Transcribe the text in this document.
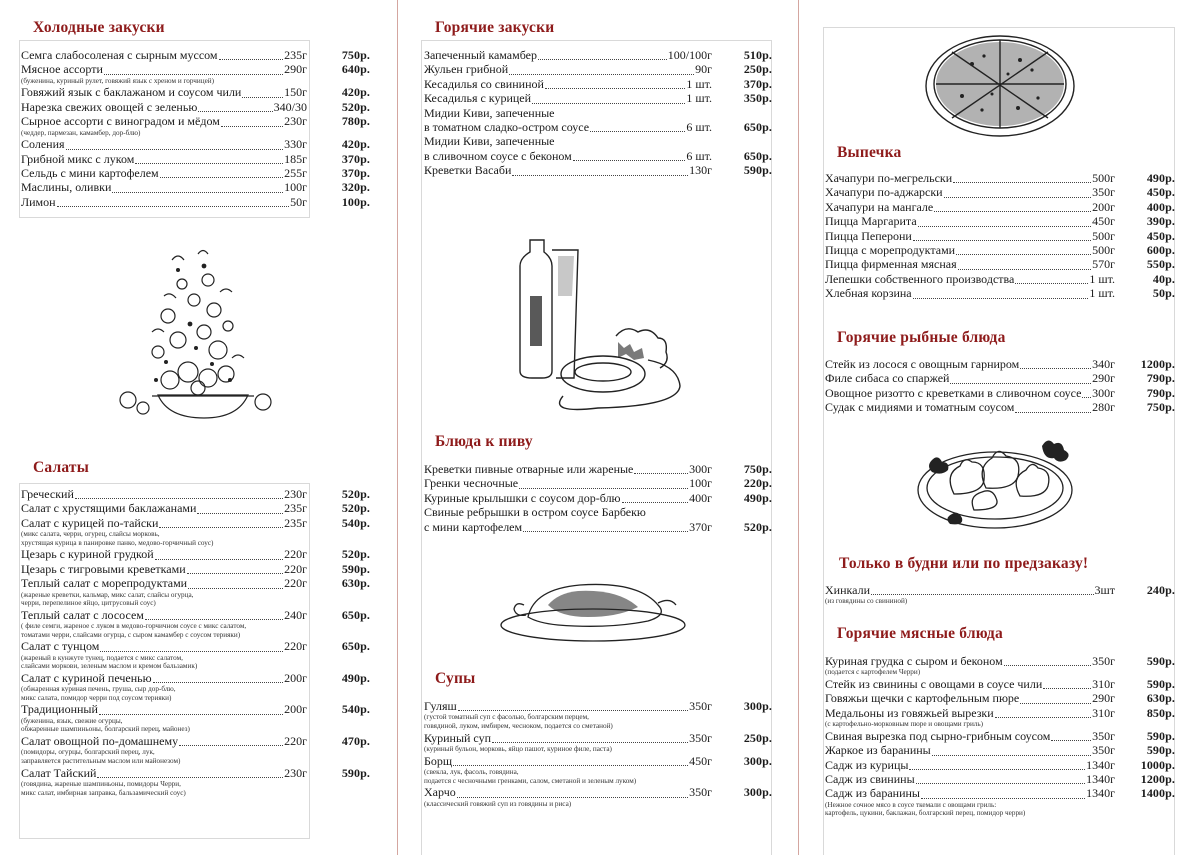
Холодные закуски
Семга слабосоленая с сырным муссом	235г	750р.
Мясное ассорти	290г	640р.
(буженина, куриный рулет, говяжий язык с хреном и горчицей)
Говяжий язык с баклажаном и соусом чили	150г	420р.
Нарезка свежих овощей с зеленью	340/30	520р.
Сырное ассорти с виноградом и мёдом	230г	780р.
(чеддер, пармезан, камамбер, дор-блю)
Соления	330г	420р.
Грибной микс с луком	185г	370р.
Сельдь с мини картофелем	255г	370р.
Маслины, оливки	100г	320р.
Лимон	50г	100р.
Салаты
Греческий	230г	520р.
Салат с хрустящими баклажанами	235г	520р.
Салат с курицей по-тайски	235г	540р.
(микс салата, черри, огурец, слайсы морковь,
хрустящая курица в панировке панко, медово-горчичный соус)
Цезарь с куриной грудкой	220г	520р.
Цезарь с тигровыми креветками	220г	590р.
Теплый салат с морепродуктами	220г	630р.
(жареные креветки, кальмар, микс салат, слайсы огурца,
черри, перепелиное яйцо, цитрусовый соус)
Теплый салат с лососем	240г	650р.
( филе семги, жареное с луком в медово-горчичном соусе с микс салатом,
томатами черри, слайсами огурца, с сыром камамбер с соусом терияки)
Салат с тунцом	220г	650р.
(жареный в кунжуте тунец, подается с микс салатом,
слайсами моркови, зеленым маслом и кремом бальзамик)
Салат с куриной печенью	200г	490р.
(обжаренная куриная печень, груша, сыр дор-блю,
микс салата, помидор черри под соусом терияки)
Традиционный	200г	540р.
(буженина, язык, свежие огурцы,
обжаренные шампиньоны, болгарский перец, майонез)
Салат овощной по-домашнему	220г	470р.
(помидоры, огурцы, болгарский перец, лук,
заправляется растительным маслом или майонезом)
Салат Тайский	230г	590р.
(говядина, жареные шампиньоны, помидоры Черри,
микс салат, имбирная заправка, бальзамический соус)
Горячие закуски
Запеченный камамбер	100/100г	510р.
Жульен грибной	90г	250р.
Кесадилья со свининой	1 шт.	370р.
Кесадилья с курицей	1 шт.	350р.
Мидии Киви, запеченные
в томатном сладко-остром соусе	6 шт.	650р.
Мидии Киви, запеченные
в сливочном соусе с беконом	6 шт.	650р.
Креветки Васаби	130г	590р.
Блюда к пиву
Креветки пивные отварные или жареные	300г	750р.
Гренки чесночные	100г	220р.
Куриные крылышки с соусом дор-блю	400г	490р.
Свиные ребрышки в остром соусе Барбекю
с мини картофелем	370г	520р.
Супы
Гуляш	350г	300р.
(густой томатный суп с фасолью, болгарским перцем,
говядиной, луком, имбирем, чесноком, подается со сметаной)
Куриный суп	350г	250р.
(куриный бульон, морковь, яйцо пашот, куриное филе, паста)
Борщ	450г	300р.
(свекла, лук, фасоль, говядина,
подается с чесночными гренками, салом, сметаной и зеленым луком)
Харчо	350г	300р.
(классический говяжий суп из говядины и риса)
Выпечка
Хачапури по-мегрельски	500г	490р.
Хачапури по-аджарски	350г	450р.
Хачапури на мангале	200г	400р.
Пицца Маргарита	450г	390р.
Пицца Пеперони	500г	450р.
Пицца с морепродуктами	500г	600р.
Пицца фирменная мясная	570г	550р.
Лепешки собственного производства	1 шт.	40р.
Хлебная корзина	1 шт.	50р.
Горячие рыбные блюда
Стейк из лосося с овощным гарниром	340г	1200р.
Филе сибаса со спаржей	290г	790р.
Овощное ризотто с креветками в сливочном соусе 300г	790р.
Судак с мидиями и томатным соусом	280г	750р.
Только в будни или по предзаказу!
Хинкали	3шт	240р.
(из говядины со свининой)
Горячие мясные блюда
Куриная грудка с сыром и беконом	350г	590р.
(подается с картофелем Черри)
Стейк из свинины с овощами в соусе чили	310г	590р.
Говяжьи щечки с картофельным пюре	290г	630р.
Медальоны из говяжьей вырезки	310г	850р.
(с картофельно-морковным пюре и овощами гриль)
Свиная вырезка под сырно-грибным соусом	350г	590р.
Жаркое из баранины	350г	590р.
Садж из курицы	1340г	1000р.
Садж из свинины	1340г	1200р.
Садж из баранины	1340г	1400р.
(Нежное сочное мясо в соусе ткемали с овощами гриль:
картофель, цукини, баклажан, болгарский перец, помидор черри)
